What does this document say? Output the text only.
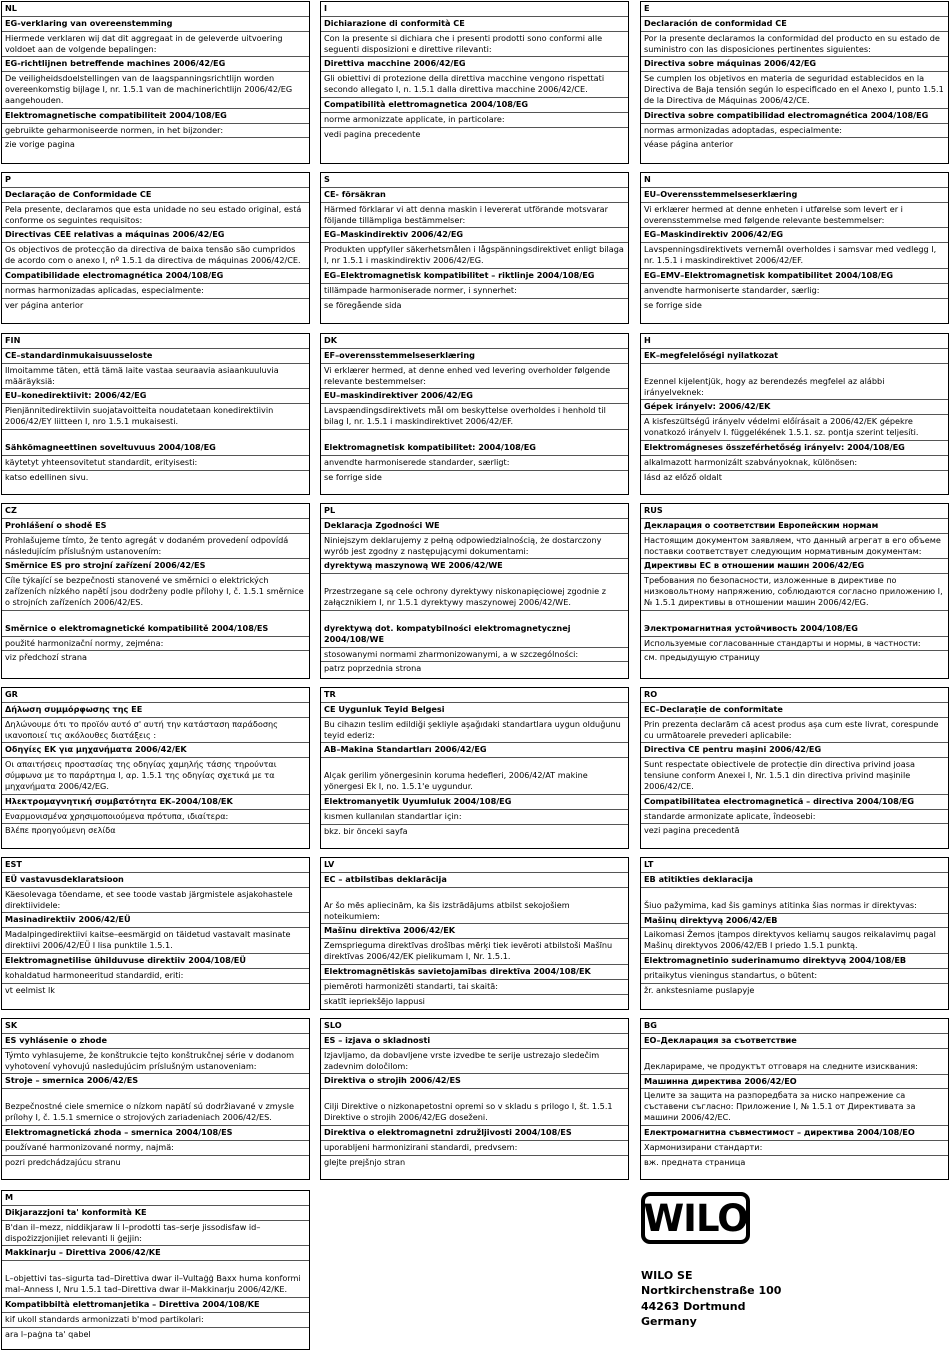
NL
EG-verklaring van overeenstemming
Hiermede verklaren wij dat dit aggregaat in de geleverde uitvoering voldoet aan de volgende bepalingen:
EG-richtlijnen betreffende machines 2006/42/EG
De veiligheidsdoelstellingen van de laagspanningsrichtlijn worden overeenkomstig bijlage I, nr. 1.5.1 van de machinerichtlijn 2006/42/EG aangehouden.
Elektromagnetische compatibiliteit 2004/108/EG
gebruikte geharmoniseerde normen, in het bijzonder:
zie vorige pagina
I
Dichiarazione di conformità CE
Con la presente si dichiara che i presenti prodotti sono conformi alle seguenti disposizioni e direttive rilevanti:
Direttiva macchine 2006/42/EG
Gli obiettivi di protezione della direttiva macchine vengono rispettati secondo allegato I, n. 1.5.1 dalla direttiva macchine 2006/42/CE.
Compatibilità elettromagnetica 2004/108/EG
norme armonizzate applicate, in particolare:
vedi pagina precedente
E
Declaración de conformidad CE
Por la presente declaramos la conformidad del producto en su estado de suministro con las disposiciones pertinentes siguientes:
Directiva sobre máquinas 2006/42/EG
Se cumplen los objetivos en materia de seguridad establecidos en la Directiva de Baja tensión según lo especificado en el Anexo I, punto 1.5.1 de la Directiva de Máquinas 2006/42/CE.
Directiva sobre compatibilidad electromagnética 2004/108/EG
normas armonizadas adoptadas, especialmente:
véase página anterior
P
Declaração de Conformidade CE
Pela presente, declaramos que esta unidade no seu estado original, está conforme os seguintes requisitos:
Directivas CEE relativas a máquinas 2006/42/EG
Os objectivos de protecção da directiva de baixa tensão são cumpridos de acordo com o anexo I, nº 1.5.1 da directiva de máquinas 2006/42/CE.
Compatibilidade electromagnética 2004/108/EG
normas harmonizadas aplicadas, especialmente:
ver página anterior
S
CE- försäkran
Härmed förklarar vi att denna maskin i levererat utförande motsvarar följande tillämpliga bestämmelser:
EG–Maskindirektiv 2006/42/EG
Produkten uppfyller säkerhetsmålen i lågspänningsdirektivet enligt bilaga I, nr 1.5.1 i maskindirektiv 2006/42/EG.
EG–Elektromagnetisk kompatibilitet – riktlinje 2004/108/EG
tillämpade harmoniserade normer, i synnerhet:
se föregående sida
N
EU–Overensstemmelseserklæring
Vi erklærer hermed at denne enheten i utførelse som levert er i overensstemmelse med følgende relevante bestemmelser:
EG–Maskindirektiv 2006/42/EG
Lavspenningsdirektivets vernemål overholdes i samsvar med vedlegg I, nr. 1.5.1 i maskindirektivet 2006/42/EF.
EG–EMV–Elektromagnetisk kompatibilitet 2004/108/EG
anvendte harmoniserte standarder, særlig:
se forrige side
FIN
CE–standardinmukaisuusseloste
Ilmoitamme täten, että tämä laite vastaa seuraavia asiaankuuluvia määräyksiä:
EU–konedirektiivit: 2006/42/EG
Pienjännitedirektiivin suojatavoitteita noudatetaan konedirektiivin 2006/42/EY liitteen I, nro 1.5.1 mukaisesti.
Sähkömagneettinen soveltuvuus 2004/108/EG
käytetyt yhteensovitetut standardit, erityisesti:
katso edellinen sivu.
DK
EF–overensstemmelseserklæring
Vi erklærer hermed, at denne enhed ved levering overholder følgende relevante bestemmelser:
EU–maskindirektiver 2006/42/EG
Lavspændingsdirektivets mål om beskyttelse overholdes i henhold til bilag I, nr. 1.5.1 i maskindirektivet 2006/42/EF.
Elektromagnetisk kompatibilitet: 2004/108/EG
anvendte harmoniserede standarder, særligt:
se forrige side
H
EK–megfelelőségi nyilatkozat
Ezennel kijelentjük, hogy az berendezés megfelel az alábbi irányelveknek:
Gépek irányelv: 2006/42/EK
A kisfeszültségű irányelv védelmi előírásait a 2006/42/EK gépekre vonatkozó irányelv I. függelékének 1.5.1. sz. pontja szerint teljesíti.
Elektromágneses összeférhetőség irányelv: 2004/108/EG
alkalmazott harmonizált szabványoknak, különösen:
lásd az előző oldalt
CZ
Prohlášení o shodě ES
Prohlašujeme tímto, že tento agregát v dodaném provedení odpovídá následujícím příslušným ustanovením:
Směrnice ES pro strojní zařízení 2006/42/ES
Cíle týkající se bezpečnosti stanovené ve směrnici o elektrických zařízeních nízkého napětí jsou dodrženy podle přílohy I, č. 1.5.1 směrnice o strojních zařízeních 2006/42/ES.
Směrnice o elektromagnetické kompatibilitě 2004/108/ES
použité harmonizační normy, zejména:
viz předchozí strana
PL
Deklaracja Zgodności WE
Niniejszym deklarujemy z pełną odpowiedzialnością, że dostarczony wyrób jest zgodny z następującymi dokumentami:
dyrektywą maszynową WE 2006/42/WE
Przestrzegane są cele ochrony dyrektywy niskonapięciowej zgodnie z załącznikiem I, nr 1.5.1 dyrektywy maszynowej 2006/42/WE.
dyrektywą dot. kompatybilności elektromagnetycznej 2004/108/WE
stosowanymi normami zharmonizowanymi, a w szczególności:
patrz poprzednia strona
RUS
Декларация о соответствии Европейским нормам
Настоящим документом заявляем, что данный агрегат в его объеме поставки соответствует следующим нормативным документам:
Директивы ЕС в отношении машин 2006/42/EG
Требования по безопасности, изложенные в директиве по низковольтному напряжению, соблюдаются согласно приложению I, № 1.5.1 директивы в отношении машин 2006/42/EG.
Электромагнитная устойчивость 2004/108/EG
Используемые согласованные стандарты и нормы, в частности:
см. предыдущую страницу
GR
Δήλωση συμμόρφωσης της ΕΕ
Δηλώνουμε ότι το προϊόν αυτό σ' αυτή την κατάσταση παράδοσης ικανοποιεί τις ακόλουθες διατάξεις :
Οδηγίες ΕΚ για μηχανήματα 2006/42/ΕΚ
Οι απαιτήσεις προστασίας της οδηγίας χαμηλής τάσης τηρούνται σύμφωνα με το παράρτημα I, αρ. 1.5.1 της οδηγίας σχετικά με τα μηχανήματα 2006/42/EG.
Ηλεκτρομαγνητική συμβατότητα ΕΚ–2004/108/ΕΚ
Εναρμονισμένα χρησιμοποιούμενα πρότυπα, ιδιαίτερα:
Βλέπε προηγούμενη σελίδα
TR
CE Uygunluk Teyid Belgesi
Bu cihazın teslim edildiği şekliyle aşağıdaki standartlara uygun olduğunu teyid ederiz:
AB–Makina Standartları 2006/42/EG
Alçak gerilim yönergesinin koruma hedefleri, 2006/42/AT makine yönergesi Ek I, no. 1.5.1'e uygundur.
Elektromanyetik Uyumluluk 2004/108/EG
kısmen kullanılan standartlar için:
bkz. bir önceki sayfa
RO
EC–Declarație de conformitate
Prin prezenta declarăm că acest produs așa cum este livrat, corespunde cu următoarele prevederi aplicabile:
Directiva CE pentru mașini 2006/42/EG
Sunt respectate obiectivele de protecție din directiva privind joasa tensiune conform Anexei I, Nr. 1.5.1 din directiva privind mașinile 2006/42/CE.
Compatibilitatea electromagnetică – directiva 2004/108/EG
standarde armonizate aplicate, îndeosebi:
vezi pagina precedentă
EST
EÜ vastavusdeklaratsioon
Käesolevaga tõendame, et see toode vastab järgmistele asjakohastele direktiividele:
Masinadirektiiv 2006/42/EÜ
Madalpingedirektiivi kaitse–eesmärgid on täidetud vastavalt masinate direktiivi 2006/42/EÜ I lisa punktile 1.5.1.
Elektromagnetilise ühilduvuse direktiiv 2004/108/EÜ
kohaldatud harmoneeritud standardid, eriti:
vt eelmist lk
LV
EC – atbilstības deklarācija
Ar šo mēs apliecinām, ka šis izstrādājums atbilst sekojošiem noteikumiem:
Mašīnu direktīva 2006/42/EK
Zemsprieguma direktīvas drošības mērķi tiek ievēroti atbilstoši Mašīnu direktīvas 2006/42/EK pielikumam I, Nr. 1.5.1.
Elektromagnētiskās savietojamības direktīva 2004/108/EK
piemēroti harmonizēti standarti, tai skaitā:
skatīt iepriekšējo lappusi
LT
EB atitikties deklaracija
Šiuo pažymima, kad šis gaminys atitinka šias normas ir direktyvas:
Mašinų direktyvą 2006/42/EB
Laikomasi Žemos įtampos direktyvos keliamų saugos reikalavimų pagal Mašinų direktyvos 2006/42/EB I priedo 1.5.1 punktą.
Elektromagnetinio suderinamumo direktyvą 2004/108/EB
pritaikytus vieningus standartus, o būtent:
žr. ankstesniame puslapyje
SK
ES vyhlásenie o zhode
Týmto vyhlasujeme, že konštrukcie tejto konštrukčnej série v dodanom vyhotovení vyhovujú nasledujúcim príslušným ustanoveniam:
Stroje – smernica 2006/42/ES
Bezpečnostné ciele smernice o nízkom napätí sú dodržiavané v zmysle prílohy I, č. 1.5.1 smernice o strojových zariadeniach 2006/42/ES.
Elektromagnetická zhoda – smernica 2004/108/ES
používané harmonizované normy, najmä:
pozri predchádzajúcu stranu
SLO
ES – izjava o skladnosti
Izjavljamo, da dobavljene vrste izvedbe te serije ustrezajo sledečim zadevnim določilom:
Direktiva o strojih 2006/42/ES
Cilji Direktive o nizkonapetostni opremi so v skladu s prilogo I, št. 1.5.1 Direktive o strojih 2006/42/EG doseženi.
Direktiva o elektromagnetni združljivosti 2004/108/ES
uporabljeni harmonizirani standardi, predvsem:
glejte prejšnjo stran
BG
ЕО–Декларация за съответствие
Декларираме, че продуктът отговаря на следните изисквания:
Машинна директива 2006/42/ЕО
Целите за защита на разпоредбата за ниско напрежение са съставени съгласно: Приложение I, № 1.5.1 от Директивата за машини 2006/42/ЕС.
Електромагнитна съвместимост – директива 2004/108/ЕО
Хармонизирани стандарти:
вж. предната страница
M
Dikjarazzjoni ta' konformità KE
B'dan il–mezz, niddikjaraw li l–prodotti tas–serje jissodisfaw id–dispożizzjonijiet relevanti li ġejjin:
Makkinarju – Direttiva 2006/42/KE
L–objettivi tas–sigurta tad–Direttiva dwar il–Vultaġġ Baxx huma konformi mal–Anness I, Nru 1.5.1 tad–Direttiva dwar il–Makkinarju 2006/42/KE.
Kompatibbiltà elettromanjetika – Direttiva 2004/108/KE
kif ukoll standards armonizzati b'mod partikolari:
ara l–paġna ta' qabel
WILO
WILO SE
Nortkirchenstraße 100
44263 Dortmund
Germany
